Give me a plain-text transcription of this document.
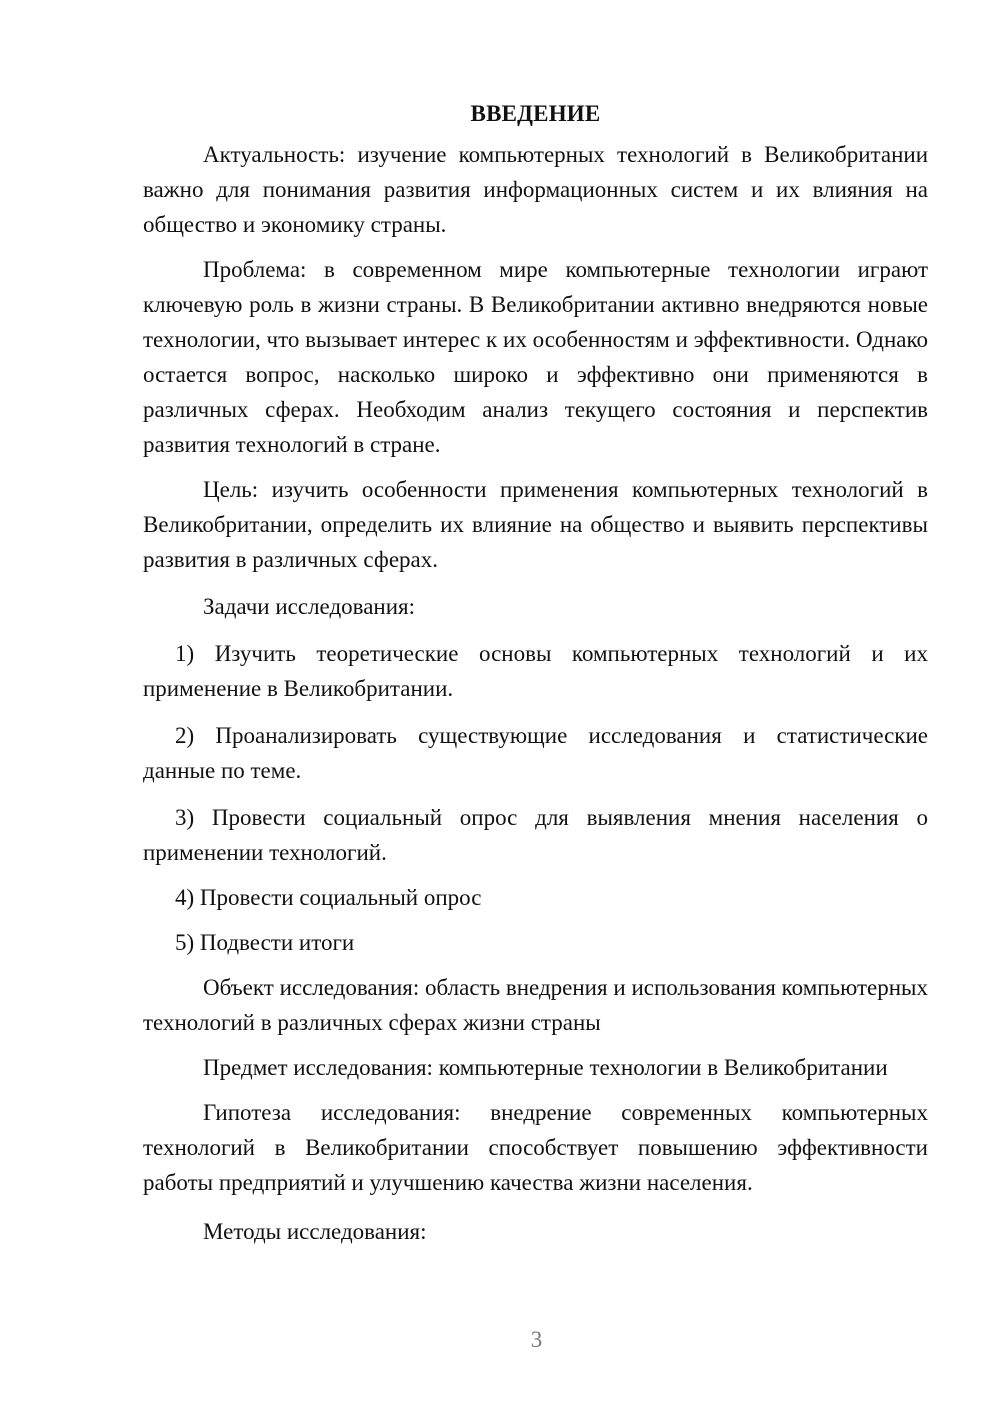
ВВЕДЕНИЕ

Актуальность: изучение компьютерных технологий в Великобритании важно для понимания развития информационных систем и их влияния на общество и экономику страны.

Проблема: в современном мире компьютерные технологии играют ключевую роль в жизни страны. В Великобритании активно внедряются новые технологии, что вызывает интерес к их особенностям и эффективности. Однако остается вопрос, насколько широко и эффективно они применяются в различных сферах. Необходим анализ текущего состояния и перспектив развития технологий в стране.

Цель: изучить особенности применения компьютерных технологий в Великобритании, определить их влияние на общество и выявить перспективы развития в различных сферах.

Задачи исследования:

1) Изучить теоретические основы компьютерных технологий и их применение в Великобритании.

2) Проанализировать существующие исследования и статистические данные по теме.

3) Провести социальный опрос для выявления мнения населения о применении технологий.

4) Провести социальный опрос

5) Подвести итоги

Объект исследования: область внедрения и использования компьютерных технологий в различных сферах жизни страны

Предмет исследования: компьютерные технологии в Великобритании

Гипотеза исследования: внедрение современных компьютерных технологий в Великобритании способствует повышению эффективности работы предприятий и улучшению качества жизни населения.

Методы исследования:

3
